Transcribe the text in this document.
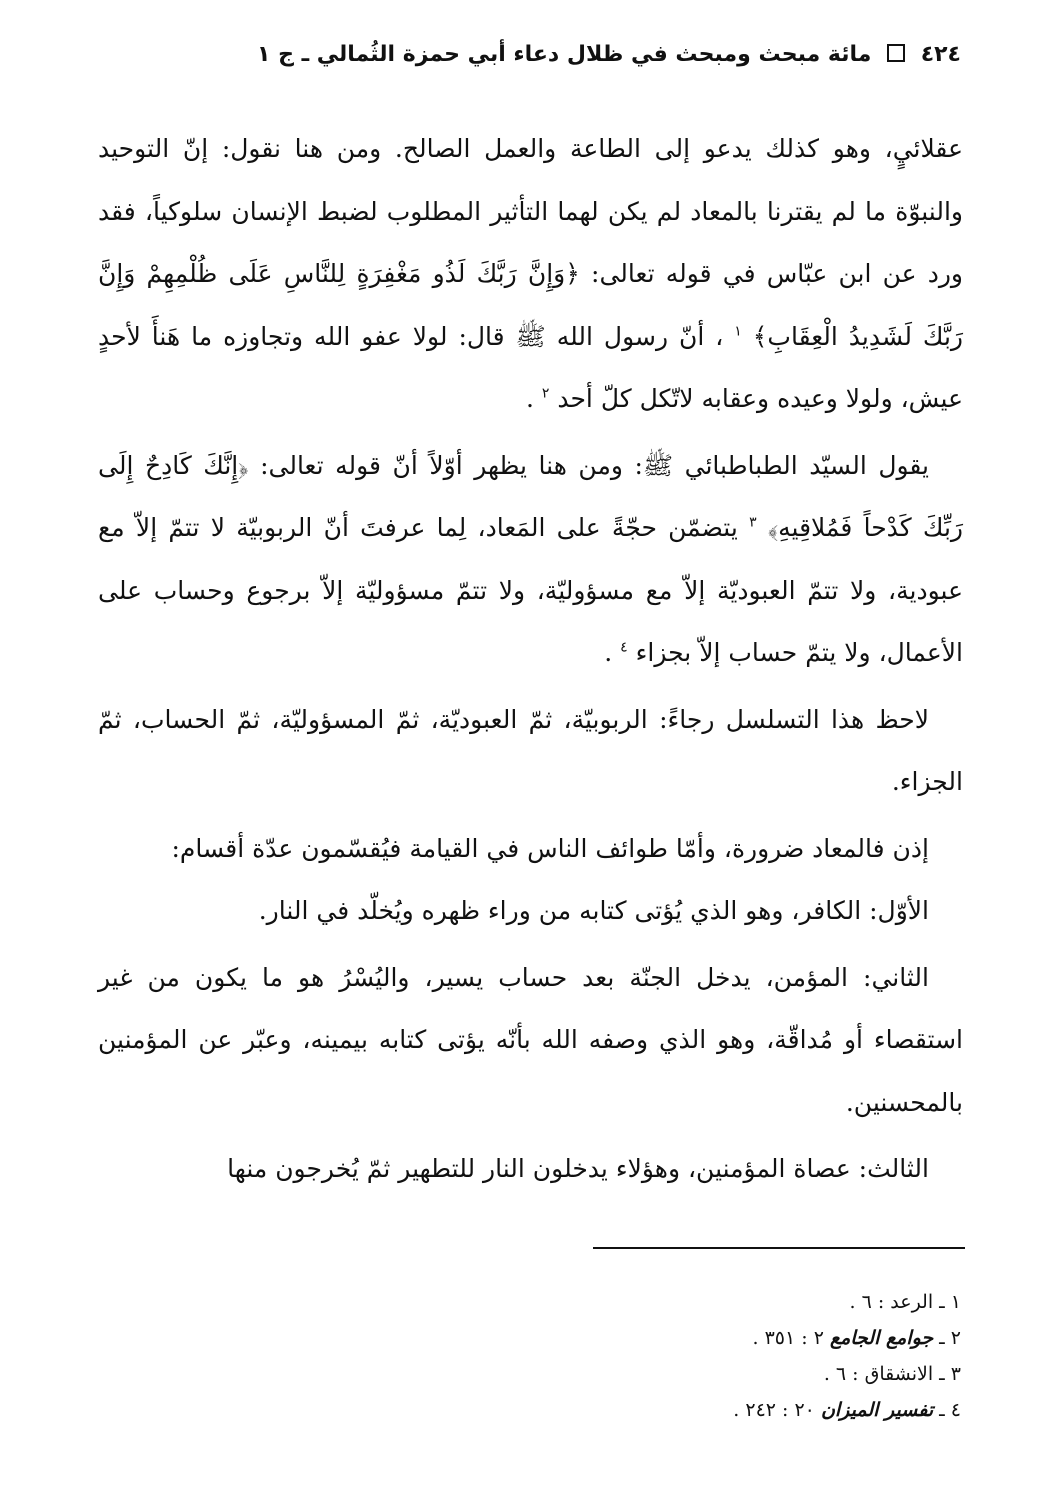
٤٢٤  مائة مبحث ومبحث في ظلال دعاء أبي حمزة الثُمالي ـ ج ١

عقلائيٍ، وهو كذلك يدعو إلى الطاعة والعمل الصالح. ومن هنا نقول: إنّ التوحيد والنبوّة ما لم يقترنا بالمعاد لم يكن لهما التأثير المطلوب لضبط الإنسان سلوكياً، فقد ورد عن ابن عبّاس في قوله تعالى: ﴿وَإِنَّ رَبَّكَ لَذُو مَغْفِرَةٍ لِلنَّاسِ عَلَى ظُلْمِهِمْ وَإِنَّ رَبَّكَ لَشَدِيدُ الْعِقَابِ﴾ $^١$ ، أنّ رسول الله ﷺ قال: لولا عفو الله وتجاوزه ما هَنأَ لأحدٍ عيش، ولولا وعيده وعقابه لاتّكل كلّ أحد $^٢$ .

يقول السيّد الطباطبائي ﷺ: ومن هنا يظهر أوّلاً أنّ قوله تعالى: ﴿إِنَّكَ كَادِحٌ إِلَى رَبِّكَ كَدْحاً فَمُلاقِيهِ﴾ $^٣$ يتضمّن حجّةً على المَعاد، لِما عرفتَ أنّ الربوبيّة لا تتمّ إلاّ مع عبودية، ولا تتمّ العبوديّة إلاّ مع مسؤوليّة، ولا تتمّ مسؤوليّة إلاّ برجوع وحساب على الأعمال، ولا يتمّ حساب إلاّ بجزاء $^٤$ .

لاحظ هذا التسلسل رجاءً: الربوبيّة، ثمّ العبوديّة، ثمّ المسؤوليّة، ثمّ الحساب، ثمّ الجزاء.

إذن فالمعاد ضرورة، وأمّا طوائف الناس في القيامة فيُقسّمون عدّة أقسام:

الأوّل: الكافر، وهو الذي يُؤتى كتابه من وراء ظهره ويُخلّد في النار.

الثاني: المؤمن، يدخل الجنّة بعد حساب يسير، واليُسْرُ هو ما يكون من غير استقصاء أو مُداقّة، وهو الذي وصفه الله بأنّه يؤتى كتابه بيمينه، وعبّر عن المؤمنين بالمحسنين.

الثالث: عصاة المؤمنين، وهؤلاء يدخلون النار للتطهير ثمّ يُخرجون منها

١ ـ الرعد : ٦ .
٢ ـ جوامع الجامع ٢ : ٣٥١ .
٣ ـ الانشقاق : ٦ .
٤ ـ تفسير الميزان ٢٠ : ٢٤٢ .
